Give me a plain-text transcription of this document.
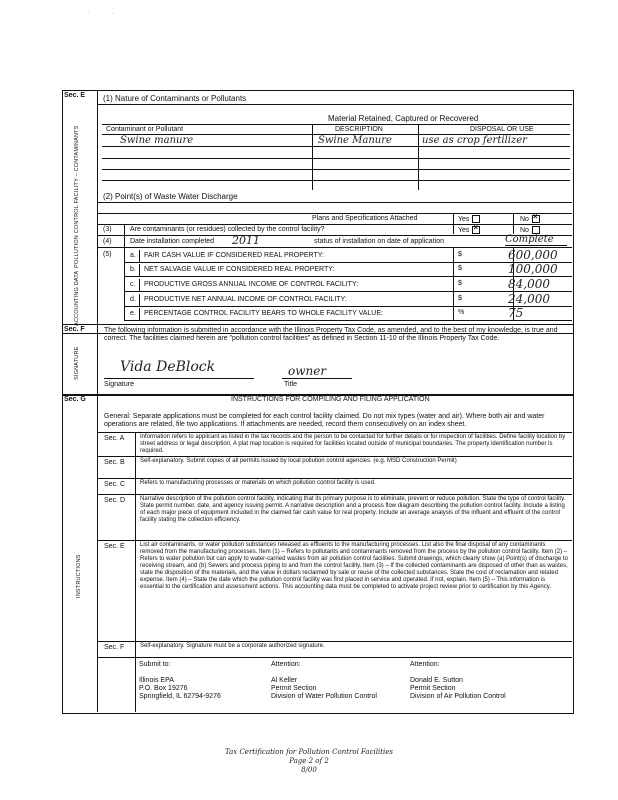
.	.
Sec. E
POLLUTION CONTROL FACILITY – CONTAMINANTS
ACCOUNTING DATA
(1) Nature of Contaminants or Pollutants
Material Retained, Captured or Recovered
Contaminant or Pollutant	DESCRIPTION	DISPOSAL OR USE
Swine manure	Swine Manure	use as crop fertilizer
(2) Point(s) of Waste Water Discharge
Plans and Specifications Attached	Yes	No×
(3)	Are contaminants (or residues) collected by the control facility?	Yes×	No
(4)	Date installation completed 2011	status of installation on date of application	Complete
(5)	a. FAIR CASH VALUE IF CONSIDERED REAL PROPERTY:	$	600,000
b. NET SALVAGE VALUE IF CONSIDERED REAL PROPERTY:	$	100,000
c. PRODUCTIVE GROSS ANNUAL INCOME OF CONTROL FACILITY:	$	84,000
d. PRODUCTIVE NET ANNUAL INCOME OF CONTROL FACILITY:	$	24,000
e. PERCENTAGE CONTROL FACILITY BEARS TO WHOLE FACILITY VALUE:	%	75
Sec. F
SIGNATURE
The following information is submitted in accordance with the Illinois Property Tax Code, as amended, and to the best of my knowledge, is true and correct. The facilities claimed herein are "pollution control facilities" as defined in Section 11-10 of the Illinois Property Tax Code.
Vida DeBlock	owner
Signature	Title
Sec. G
INSTRUCTIONS
INSTRUCTIONS FOR COMPILING AND FILING APPLICATION
General: Separate applications must be completed for each control facility claimed. Do not mix types (water and air). Where both air and water operations are related, file two applications. If attachments are needed, record them consecutively on an index sheet.
Sec. A	Information refers to applicant as listed in the tax records and the person to be contacted for further details or for inspection of facilities. Define facility location by street address or legal description. A plat map location is required for facilities located outside of municipal boundaries. The property identification number is required.
Sec. B	Self-explanatory. Submit copies of all permits issued by local pollution control agencies. (e.g. MSD Construction Permit)
Sec. C Refers to manufacturing processes or materials on which pollution control facility is used.
Sec. D Narrative description of the pollution control facility, indicating that its primary purpose is to eliminate, prevent or reduce pollution. State the type of control facility. State permit number, date, and agency issuing permit. A narrative description and a process flow diagram describing the pollution control facility. Include a listing of each major piece of equipment included in the claimed fair cash value for real property. Include an average analysis of the influent and effluent of the control facility stating the collection efficiency.
Sec. E	List air contaminants, or water pollution substances released as effluents to the manufacturing processes. List also the final disposal of any contaminants removed from the manufacturing processes. Item (1) – Refers to pollutants and contaminants removed from the process by the pollution control facility. Item (2) – Refers to water pollution but can apply to water-carried wastes from air pollution control facilities. Submit drawings, which clearly show (a) Point(s) of discharge to receiving stream, and (b) Sewers and process piping to and from the control facility. Item (3) – If the collected contaminants are disposed of other than as wastes, state the disposition of the materials, and the value in dollars reclaimed by sale or reuse of the collected substances. State the cost of reclamation and related expense. Item (4) – State the date which the pollution control facility was first placed in service and operated. If not, explain. Item (5) – This information is essential to the certification and assessment actions. This accounting data must be completed to activate project review prior to certification by this Agency.
Sec. F	Self-explanatory. Signature must be a corporate authorized signature.
Submit to:	Attention:	Attention:
Illinois EPA
P.O. Box 19276
Springfield, IL 62794-9276
Al Keller
Permit Section
Division of Water Pollution Control
Donald E. Sutton
Permit Section
Division of Air Pollution Control
Tax Certification for Pollution Control Facilities
Page 2 of 2
8/00
